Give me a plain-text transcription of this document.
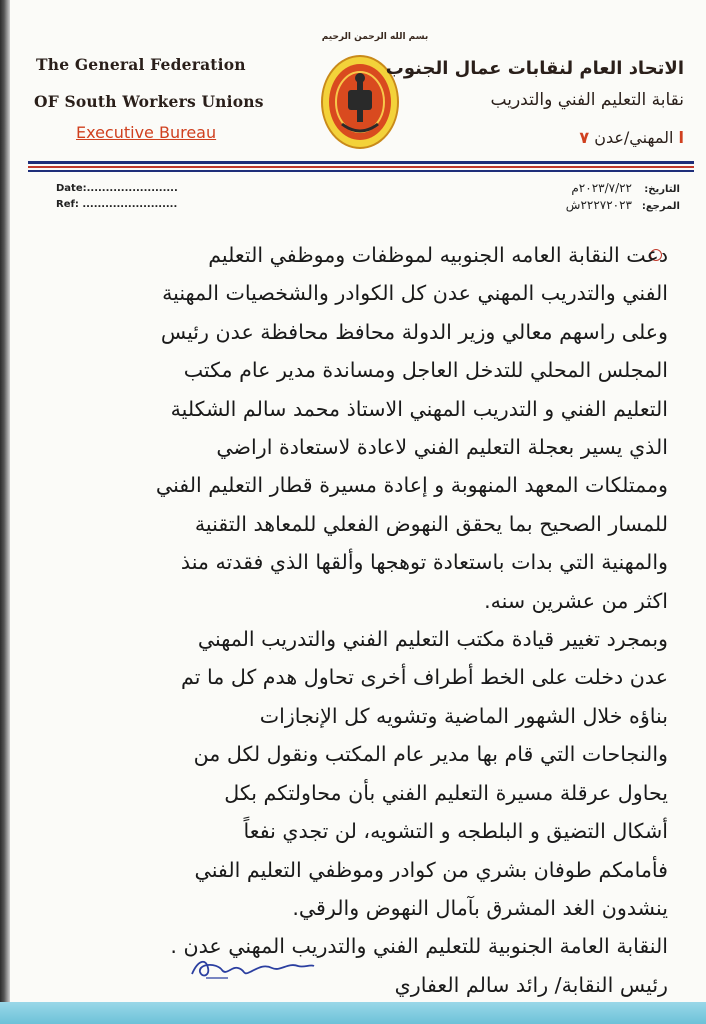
The General Federation
OF South Workers Unions
Executive Bureau
بسم الله الرحمن الرحيم
الاتحاد العام لنقابات عمال الجنوب
نقابة التعليم الفني والتدريب
ا المهني/عدن ٧
Date:........................
Ref: .........................
التاريخ:
المرجع:
٢٠٢٣/٧/٢٢م
٢٢٢٧٢٠٢٣ش
دعت النقابة العامه الجنوبيه لموظفات وموظفي التعليم
الفني والتدريب المهني عدن كل الكوادر والشخصيات المهنية
وعلى راسهم معالي وزير الدولة محافظ محافظة عدن رئيس
المجلس المحلي للتدخل العاجل ومساندة مدير عام مكتب
التعليم الفني و التدريب المهني الاستاذ محمد سالم الشكلية
الذي يسير بعجلة التعليم الفني لاعادة لاستعادة اراضي
وممتلكات المعهد المنهوبة و إعادة مسيرة قطار التعليم الفني
للمسار الصحيح بما يحقق النهوض الفعلي للمعاهد التقنية
والمهنية التي بدات باستعادة توهجها وألقها الذي فقدته منذ
اكثر من عشرين سنه.
وبمجرد تغيير قيادة مكتب التعليم الفني والتدريب المهني
عدن دخلت على الخط أطراف أخرى تحاول هدم كل ما تم
بناؤه خلال الشهور الماضية وتشويه كل الإنجازات
والنجاحات التي قام بها مدير عام المكتب ونقول لكل من
يحاول عرقلة مسيرة التعليم الفني بأن محاولتكم بكل
أشكال التضيق و البلطجه و التشويه، لن تجدي نفعاً
فأمامكم طوفان بشري من كوادر وموظفي التعليم الفني
ينشدون الغد المشرق بآمال النهوض والرقي.
النقابة العامة الجنوبية للتعليم الفني والتدريب المهني عدن .
رئيس النقابة/ رائد سالم العفاري
